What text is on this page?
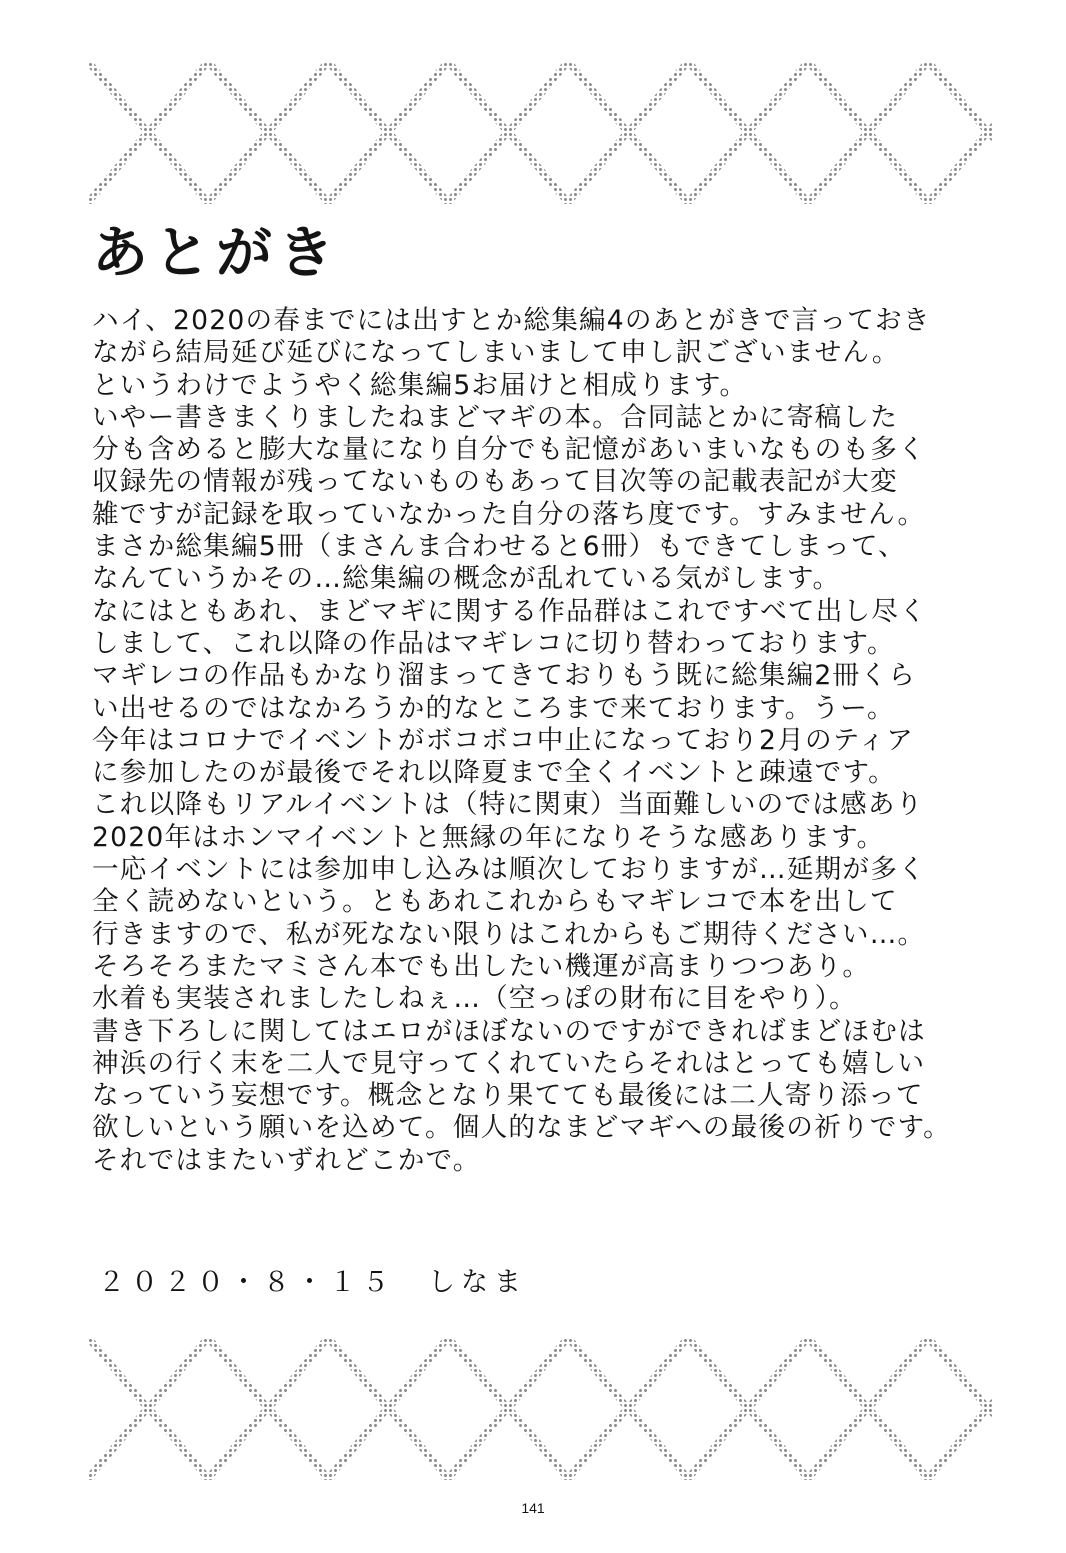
あとがき
ハイ、2020の春までには出すとか総集編4のあとがきで言っておき
ながら結局延び延びになってしまいまして申し訳ございません。
というわけでようやく総集編5お届けと相成ります。
いやー書きまくりましたねまどマギの本。合同誌とかに寄稿した
分も含めると膨大な量になり自分でも記憶があいまいなものも多く
収録先の情報が残ってないものもあって目次等の記載表記が大変
雑ですが記録を取っていなかった自分の落ち度です。すみません。
まさか総集編5冊（まさんま合わせると6冊）もできてしまって、
なんていうかその…総集編の概念が乱れている気がします。
なにはともあれ、まどマギに関する作品群はこれですべて出し尽く
しまして、これ以降の作品はマギレコに切り替わっております。
マギレコの作品もかなり溜まってきておりもう既に総集編2冊くら
い出せるのではなかろうか的なところまで来ております。うー。
今年はコロナでイベントがボコボコ中止になっており2月のティア
に参加したのが最後でそれ以降夏まで全くイベントと疎遠です。
これ以降もリアルイベントは（特に関東）当面難しいのでは感あり
2020年はホンマイベントと無縁の年になりそうな感あります。
一応イベントには参加申し込みは順次しておりますが…延期が多く
全く読めないという。ともあれこれからもマギレコで本を出して
行きますので、私が死なない限りはこれからもご期待ください…。
そろそろまたマミさん本でも出したい機運が高まりつつあり。
水着も実装されましたしねぇ…（空っぽの財布に目をやり）。
書き下ろしに関してはエロがほぼないのですができればまどほむは
神浜の行く末を二人で見守ってくれていたらそれはとっても嬉しい
なっていう妄想です。概念となり果てても最後には二人寄り添って
欲しいという願いを込めて。個人的なまどマギへの最後の祈りです。
それではまたいずれどこかで。
２０２０・８・１５　しなま
141
